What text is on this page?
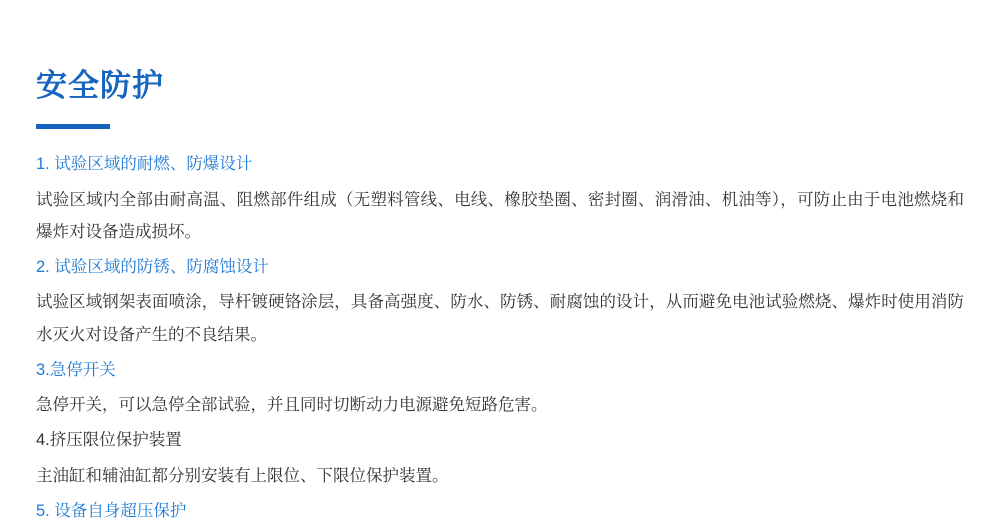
安全防护
1. 试验区域的耐燃、防爆设计

试验区域内全部由耐高温、阻燃部件组成（无塑料管线、电线、橡胶垫圈、密封圈、润滑油、机油等），可防止由于电池燃烧和爆炸对设备造成损坏。

2. 试验区域的防锈、防腐蚀设计

试验区域钢架表面喷涂，导杆镀硬铬涂层，具备高强度、防水、防锈、耐腐蚀的设计，从而避免电池试验燃烧、爆炸时使用消防水灭火对设备产生的不良结果。

3.急停开关

急停开关，可以急停全部试验，并且同时切断动力电源避免短路危害。

4.挤压限位保护装置

主油缸和辅油缸都分别安装有上限位、下限位保护装置。

5. 设备自身超压保护
